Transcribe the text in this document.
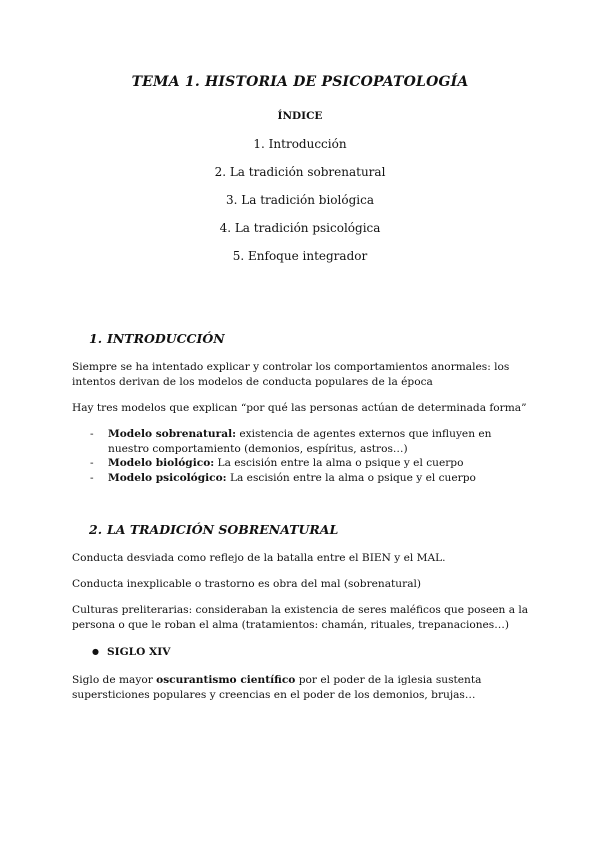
TEMA 1. HISTORIA DE PSICOPATOLOGÍA
ÍNDICE
1. Introducción
2. La tradición sobrenatural
3. La tradición biológica
4. La tradición psicológica
5. Enfoque integrador
1. INTRODUCCIÓN
Siempre se ha intentado explicar y controlar los comportamientos anormales: los intentos derivan de los modelos de conducta populares de la época
Hay tres modelos que explican “por qué las personas actúan de determinada forma”
- Modelo sobrenatural: existencia de agentes externos que influyen en nuestro comportamiento (demonios, espíritus, astros…)
- Modelo biológico: La escisión entre la alma o psique y el cuerpo
- Modelo psicológico: La escisión entre la alma o psique y el cuerpo
2. LA TRADICIÓN SOBRENATURAL
Conducta desviada como reflejo de la batalla entre el BIEN y el MAL.
Conducta inexplicable o trastorno es obra del mal (sobrenatural)
Culturas preliterarias: consideraban la existencia de seres maléficos que poseen a la persona o que le roban el alma (tratamientos: chamán, rituales, trepanaciones…)
● SIGLO XIV
Siglo de mayor oscurantismo científico por el poder de la iglesia sustenta supersticiones populares y creencias en el poder de los demonios, brujas…
